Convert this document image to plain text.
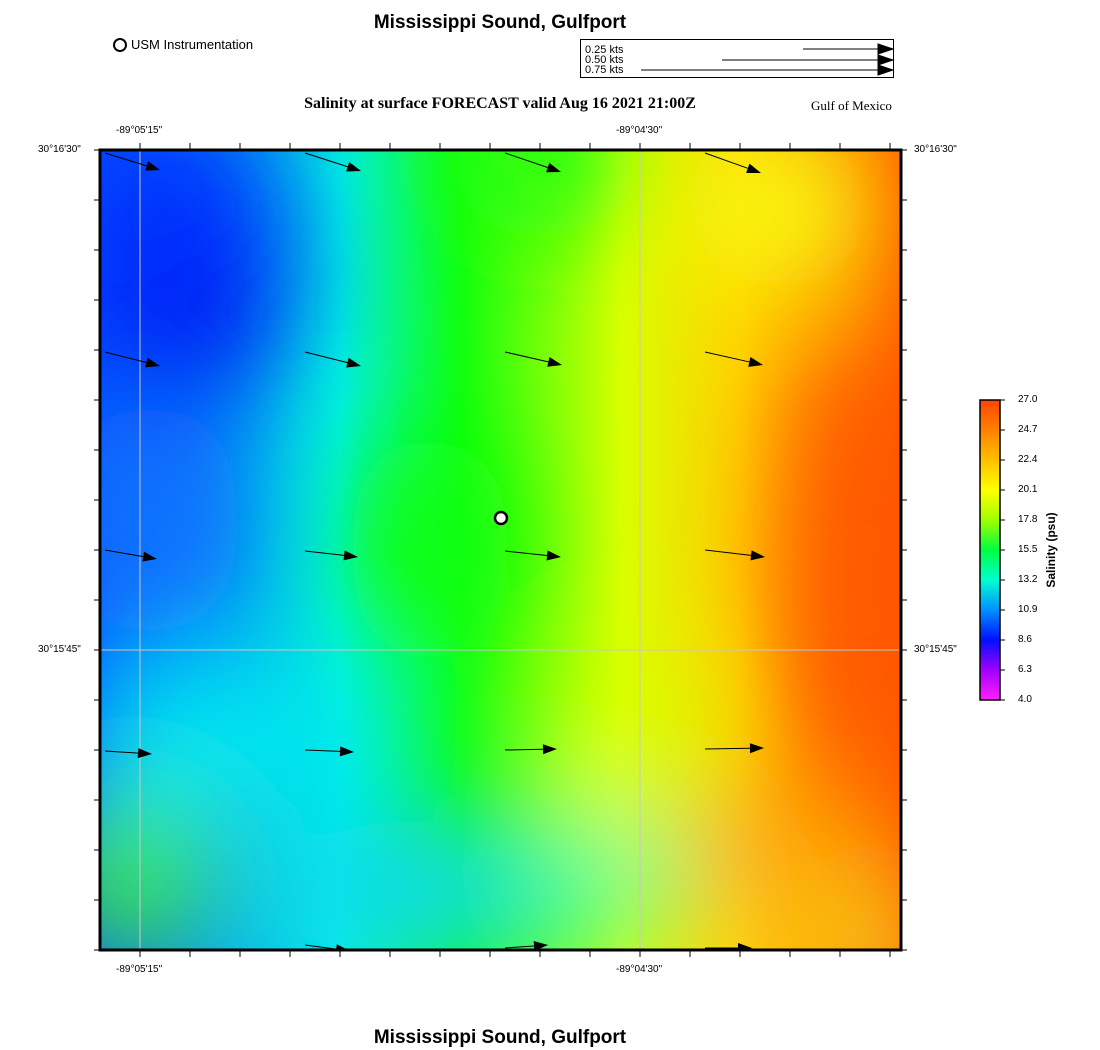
Mississippi Sound, Gulfport
USM Instrumentation	0.25 kts
0.50 kts
0.75 kts
Salinity at surface FORECAST valid Aug 16 2021 21:00Z	Gulf of Mexico
-89°05'15"	-89°04'30"
-89°05'15"	-89°04'30"
30°16'30"
30°15'45"
30°16'30"
30°15'45"
27.0
24.7
22.4
20.1
17.8
15.5
13.2
10.9
8.6
6.3
4.0
Salinity (psu)
Mississippi Sound, Gulfport
